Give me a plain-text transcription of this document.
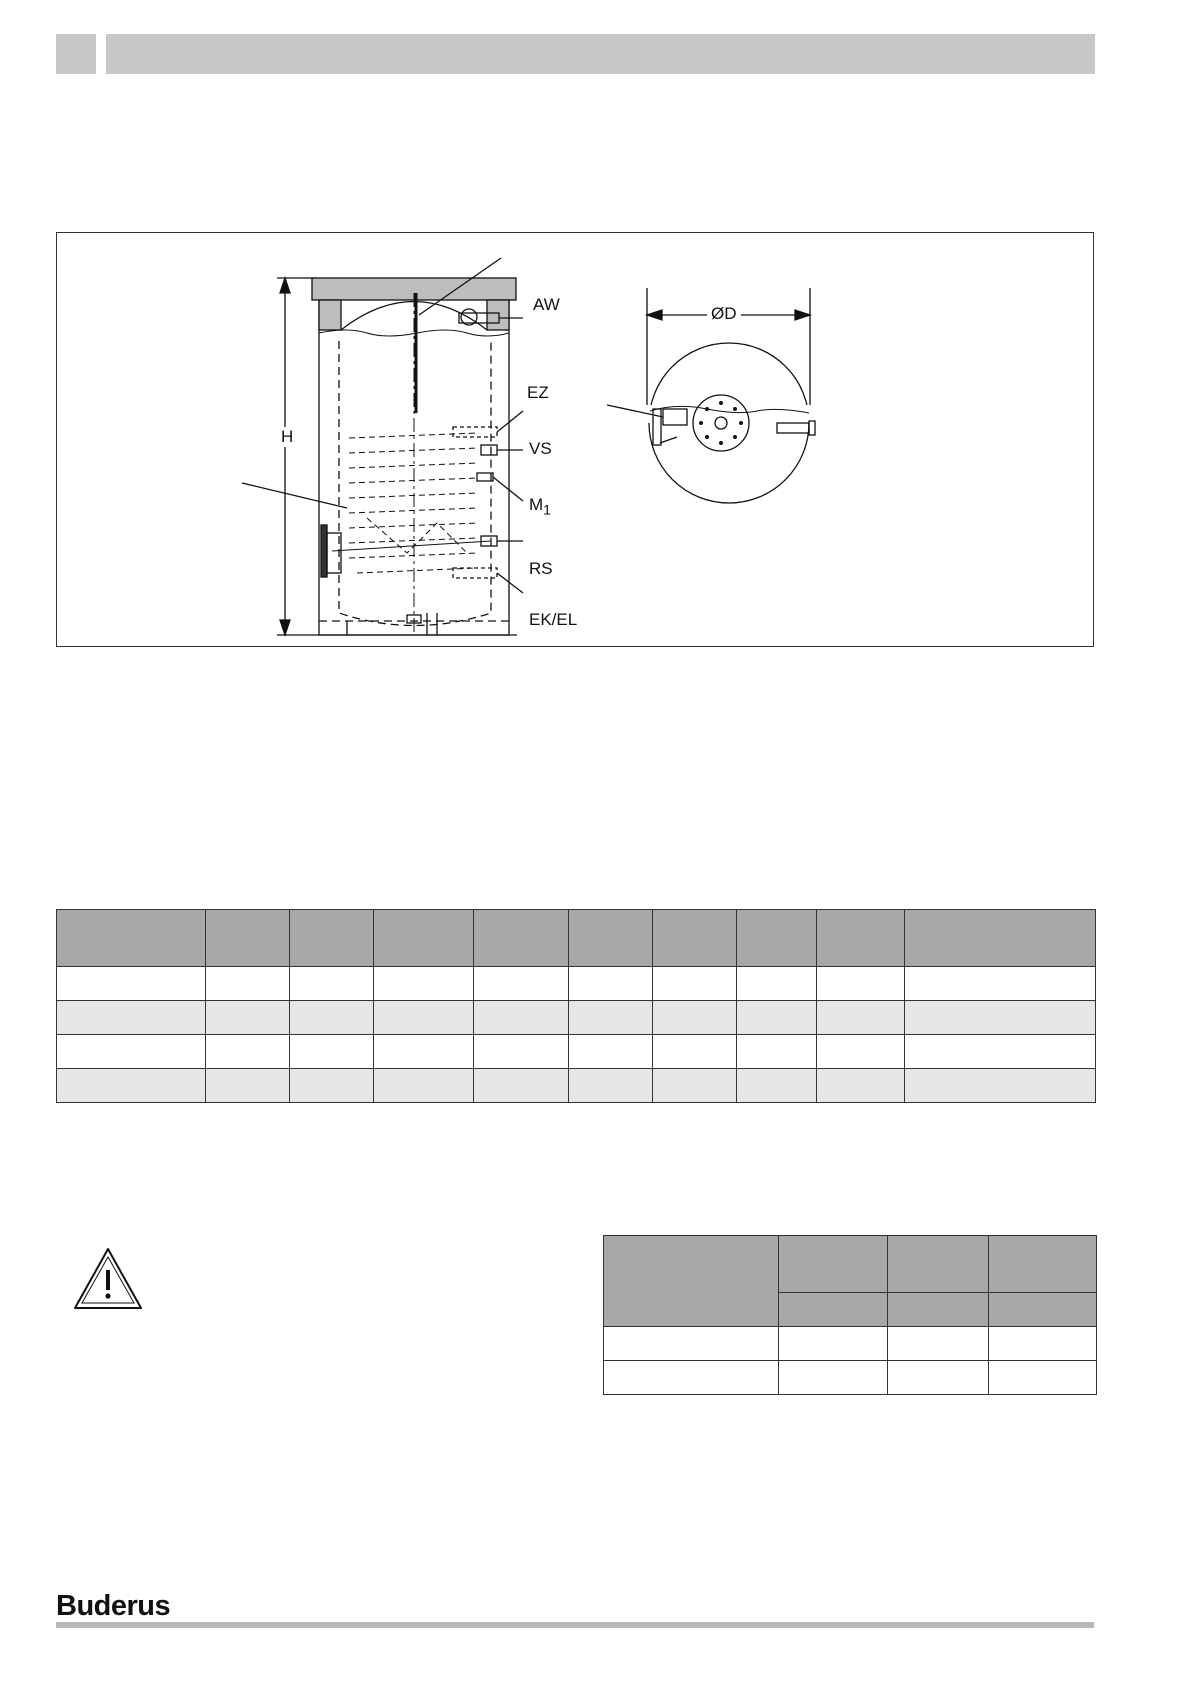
AW
EZ
VS
$M_1$
RS
EK/EL
H
ØD

Buderus
